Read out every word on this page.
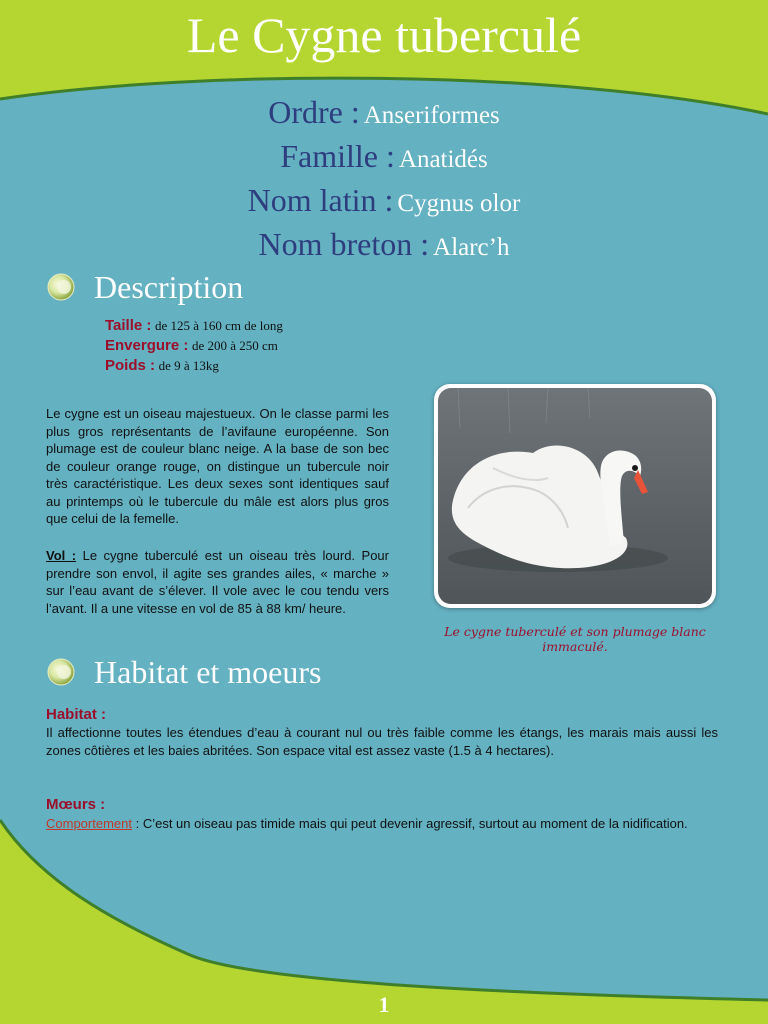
Le Cygne tuberculé
Ordre : Anseriformes
Famille : Anatidés
Nom latin : Cygnus olor
Nom breton : Alarc’h
Description
Taille : de 125 à 160 cm de long
Envergure : de 200 à 250 cm
Poids : de 9 à 13kg

Le cygne est un oiseau majestueux. On le classe parmi les plus gros représentants de l’avifaune européenne. Son plumage est de couleur blanc neige. A la base de son bec de couleur orange rouge, on distingue un tubercule noir très caractéristique. Les deux sexes sont identiques sauf au printemps où le tubercule du mâle est alors plus gros que celui de la femelle.

Vol : Le cygne tuberculé est un oiseau très lourd. Pour prendre son envol, il agite ses grandes ailes, « marche » sur l’eau avant de s’élever. Il vole avec le cou tendu vers l’avant. Il a une vitesse en vol de 85 à 88 km/ heure.

Le cygne tuberculé et son plumage blanc immaculé.

Habitat et moeurs

Habitat :

Il affectionne toutes les étendues d’eau à courant nul ou très faible comme les étangs, les marais mais aussi les zones côtières et les baies abritées. Son espace vital est assez vaste (1.5 à 4 hectares).

Mœurs :

Comportement : C’est un oiseau pas timide mais qui peut devenir agressif, surtout au moment de la nidification.

1
